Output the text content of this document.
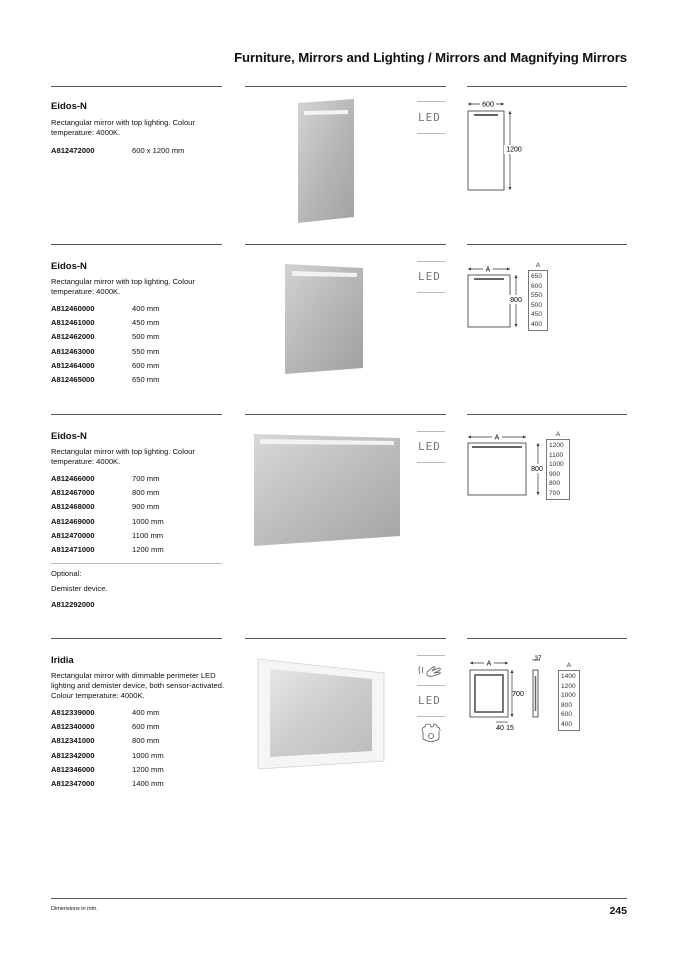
Furniture, Mirrors and Lighting / Mirrors and Magnifying Mirrors
Eidos-N
Rectangular mirror with top lighting. Colour temperature: 4000K.
A812472000	600 x 1200 mm
LED
600
1200
Eidos-N
Rectangular mirror with top lighting. Colour temperature: 4000K.
A812460000	400 mm
A812461000	450 mm
A812462000	500 mm
A812463000	550 mm
A812464000	600 mm
A812465000	650 mm
LED	A
800
A
650
600
550
500
450
400
Eidos-N
Rectangular mirror with top lighting. Colour temperature: 4000K.
A812466000	700 mm
A812467000	800 mm
A812468000	900 mm
A812469000	1000 mm
A812470000	1100 mm
A812471000	1200 mm
Optional:
Demister device.
A812292000
LED
A
800
A
1200
1100
1000
900
800
700
Iridia
Rectangular mirror with dimmable perimeter LED lighting and demister device, both sensor-activated. Colour temperature: 4000K.
A812339000	400 mm
A812340000	600 mm
A812341000	800 mm
A812342000	1000 mm
A812346000	1200 mm
A812347000	1400 mm
LED
A
700
40 15
37
A
1400
1200
1000
800
600
400
Dimensions in mm.	245
